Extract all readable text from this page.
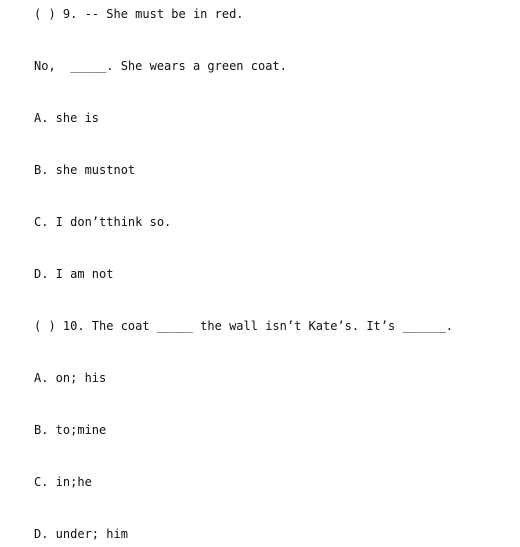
( ) 9. -- She must be in red.
No,  _____. She wears a green coat.
A. she is
B. she mustnot
C. I don’tthink so.
D. I am not
( ) 10. The coat _____ the wall isn’t Kate’s. It’s ______.
A. on; his
B. to;mine
C. in;he
D. under; him
